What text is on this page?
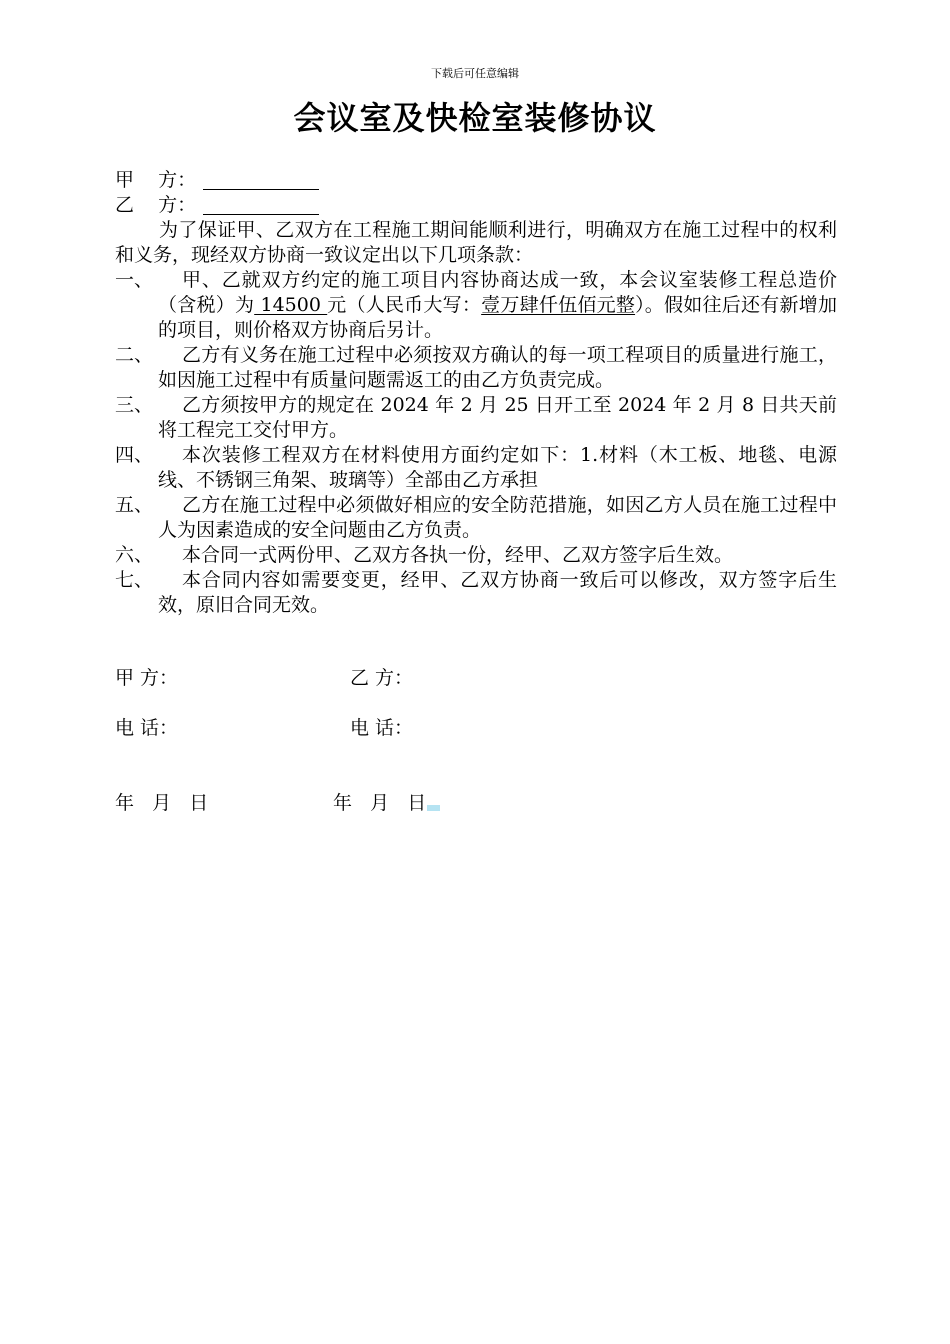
下载后可任意编辑
会议室及快检室装修协议
甲    方：
乙    方：

为了保证甲、乙双方在工程施工期间能顺利进行，明确双方在施工过程中的权利和义务，现经双方协商一致议定出以下几项条款：

一、	甲、乙就双方约定的施工项目内容协商达成一致，本会议室装修工程总造价（含税）为 14500 元（人民币大写：壹万肆仟伍佰元整）。假如往后还有新增加的项目，则价格双方协商后另计。
二、	乙方有义务在施工过程中必须按双方确认的每一项工程项目的质量进行施工，如因施工过程中有质量问题需返工的由乙方负责完成。
三、	乙方须按甲方的规定在 2024 年 2 月 25 日开工至 2024 年 2 月 8 日共天前将工程完工交付甲方。
四、	本次装修工程双方在材料使用方面约定如下：1.材料（木工板、地毯、电源线、不锈钢三角架、玻璃等）全部由乙方承担
五、	乙方在施工过程中必须做好相应的安全防范措施，如因乙方人员在施工过程中人为因素造成的安全问题由乙方负责。
六、	本合同一式两份甲、乙双方各执一份，经甲、乙双方签字后生效。
七、	本合同内容如需要变更，经甲、乙双方协商一致后可以修改，双方签字后生效，原旧合同无效。
甲 方：	乙 方：
电 话：	电 话：
年   月   日	年   月   日
